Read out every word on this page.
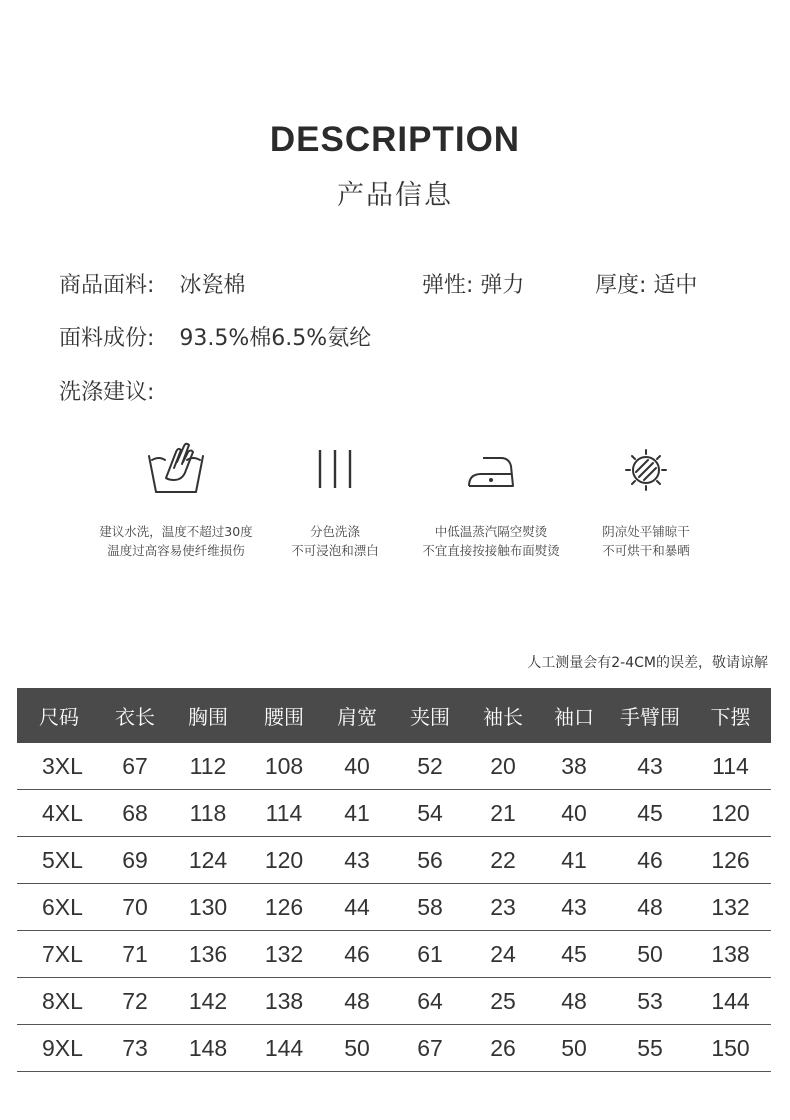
DESCRIPTION
产品信息
商品面料: 冰瓷棉	弹性: 弹力	厚度: 适中
面料成份: 93.5%棉6.5%氨纶
洗涤建议:
建议水洗，温度不超过30度
温度过高容易使纤维损伤
分色洗涤
不可浸泡和漂白
中低温蒸汽隔空熨烫
不宜直接按接触布面熨烫
阴凉处平铺晾干
不可烘干和暴晒
人工测量会有2-4CM的误差，敬请谅解
尺码	衣长	胸围	腰围	肩宽	夹围	袖长	袖口	手臂围	下摆
3XL	67	112	108	40	52	20	38	43	114
4XL	68	118	114	41	54	21	40	45	120
5XL	69	124	120	43	56	22	41	46	126
6XL	70	130	126	44	58	23	43	48	132
7XL	71	136	132	46	61	24	45	50	138
8XL	72	142	138	48	64	25	48	53	144
9XL	73	148	144	50	67	26	50	55	150
